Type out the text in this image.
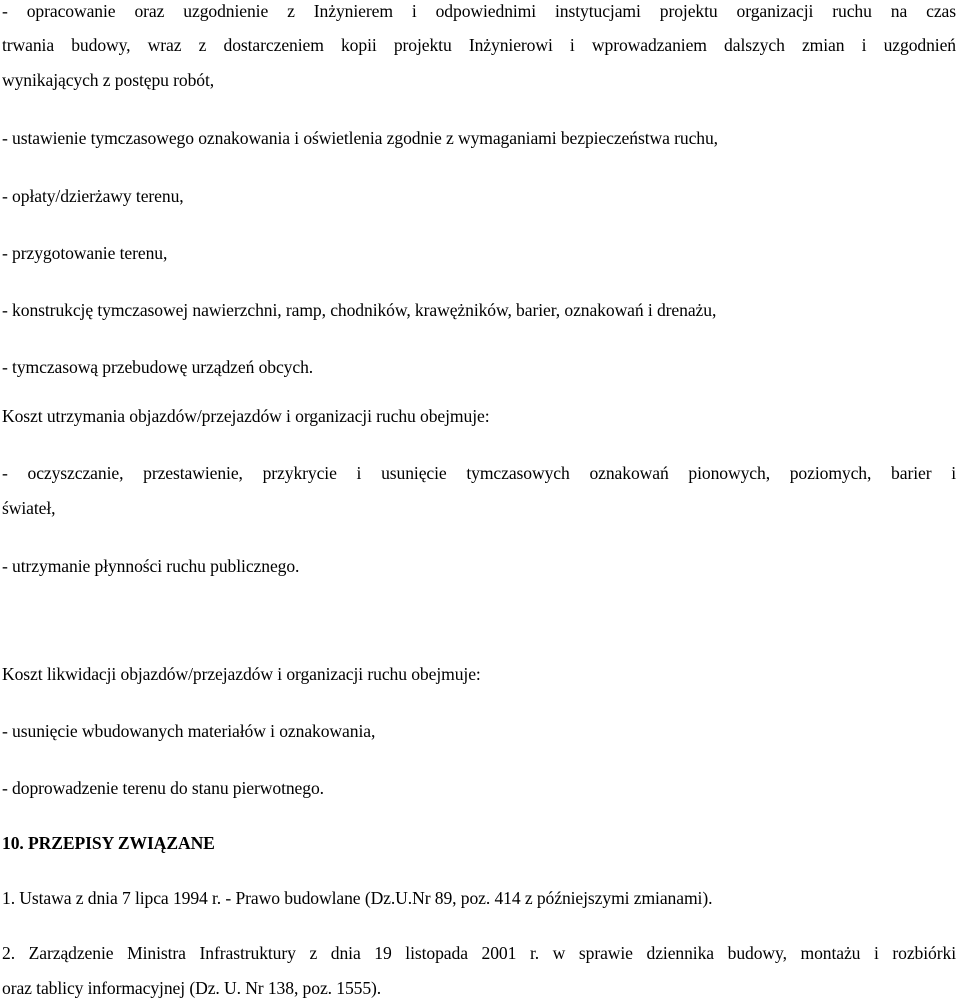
- opracowanie oraz uzgodnienie z Inżynierem i odpowiednimi instytucjami projektu organizacji ruchu na czas
trwania budowy, wraz z dostarczeniem kopii projektu Inżynierowi i wprowadzaniem dalszych zmian i uzgodnień
wynikających z postępu robót,
- ustawienie tymczasowego oznakowania i oświetlenia zgodnie z wymaganiami bezpieczeństwa ruchu,
- opłaty/dzierżawy terenu,
- przygotowanie terenu,
- konstrukcję tymczasowej nawierzchni, ramp, chodników, krawężników, barier, oznakowań i drenażu,
- tymczasową przebudowę urządzeń obcych.
Koszt utrzymania objazdów/przejazdów i organizacji ruchu obejmuje:
- oczyszczanie, przestawienie, przykrycie i usunięcie tymczasowych oznakowań pionowych, poziomych, barier i
świateł,
- utrzymanie płynności ruchu publicznego.
Koszt likwidacji objazdów/przejazdów i organizacji ruchu obejmuje:
- usunięcie wbudowanych materiałów i oznakowania,
- doprowadzenie terenu do stanu pierwotnego.
10. PRZEPISY ZWIĄZANE
1. Ustawa z dnia 7 lipca 1994 r. - Prawo budowlane (Dz.U.Nr 89, poz. 414 z późniejszymi zmianami).
2. Zarządzenie Ministra Infrastruktury z dnia 19 listopada 2001 r. w sprawie dziennika budowy, montażu i rozbiórki
oraz tablicy informacyjnej (Dz. U. Nr 138, poz. 1555).
